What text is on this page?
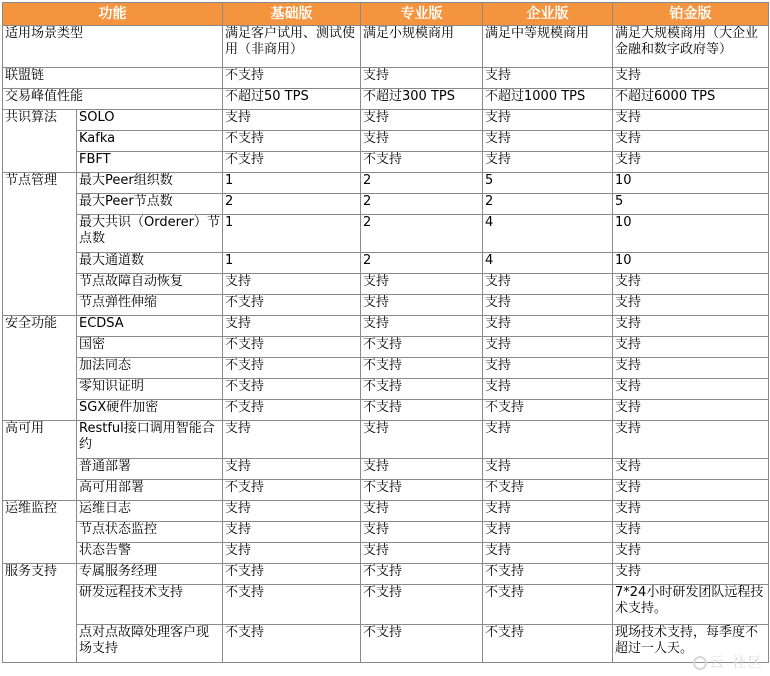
功能		基础版	专业版	企业版	铂金版
适用场景类型		满足客户试用、测试使用（非商用）	满足小规模商用	满足中等规模商用	满足大规模商用（大企业金融和数字政府等）
联盟链		不支持	支持	支持	支持
交易峰值性能		不超过50 TPS	不超过300 TPS	不超过1000 TPS	不超过6000 TPS
共识算法	SOLO	支持	支持	支持	支持
	Kafka	不支持	支持	支持	支持
	FBFT	不支持	不支持	支持	支持
节点管理	最大Peer组织数	1	2	5	10
	最大Peer节点数	2	2	2	5
	最大共识（Orderer）节点数	1	2	4	10
	最大通道数	1	2	4	10
	节点故障自动恢复	支持	支持	支持	支持
	节点弹性伸缩	不支持	支持	支持	支持
安全功能	ECDSA	支持	支持	支持	支持
	国密	不支持	不支持	支持	支持
	加法同态	不支持	不支持	支持	支持
	零知识证明	不支持	不支持	支持	支持
	SGX硬件加密	不支持	不支持	不支持	支持
高可用	Restful接口调用智能合约	支持	支持	支持	支持
	普通部署	支持	支持	支持	支持
	高可用部署	不支持	不支持	不支持	支持
运维监控	运维日志	支持	支持	支持	支持
	节点状态监控	支持	支持	支持	支持
	状态告警	支持	支持	支持	支持
服务支持	专属服务经理	不支持	不支持	不支持	支持
	研发远程技术支持	不支持	不支持	不支持	7*24小时研发团队远程技术支持。
	点对点故障处理客户现场支持	不支持	不支持	不支持	现场技术支持，每季度不超过一人天。
云 社区
